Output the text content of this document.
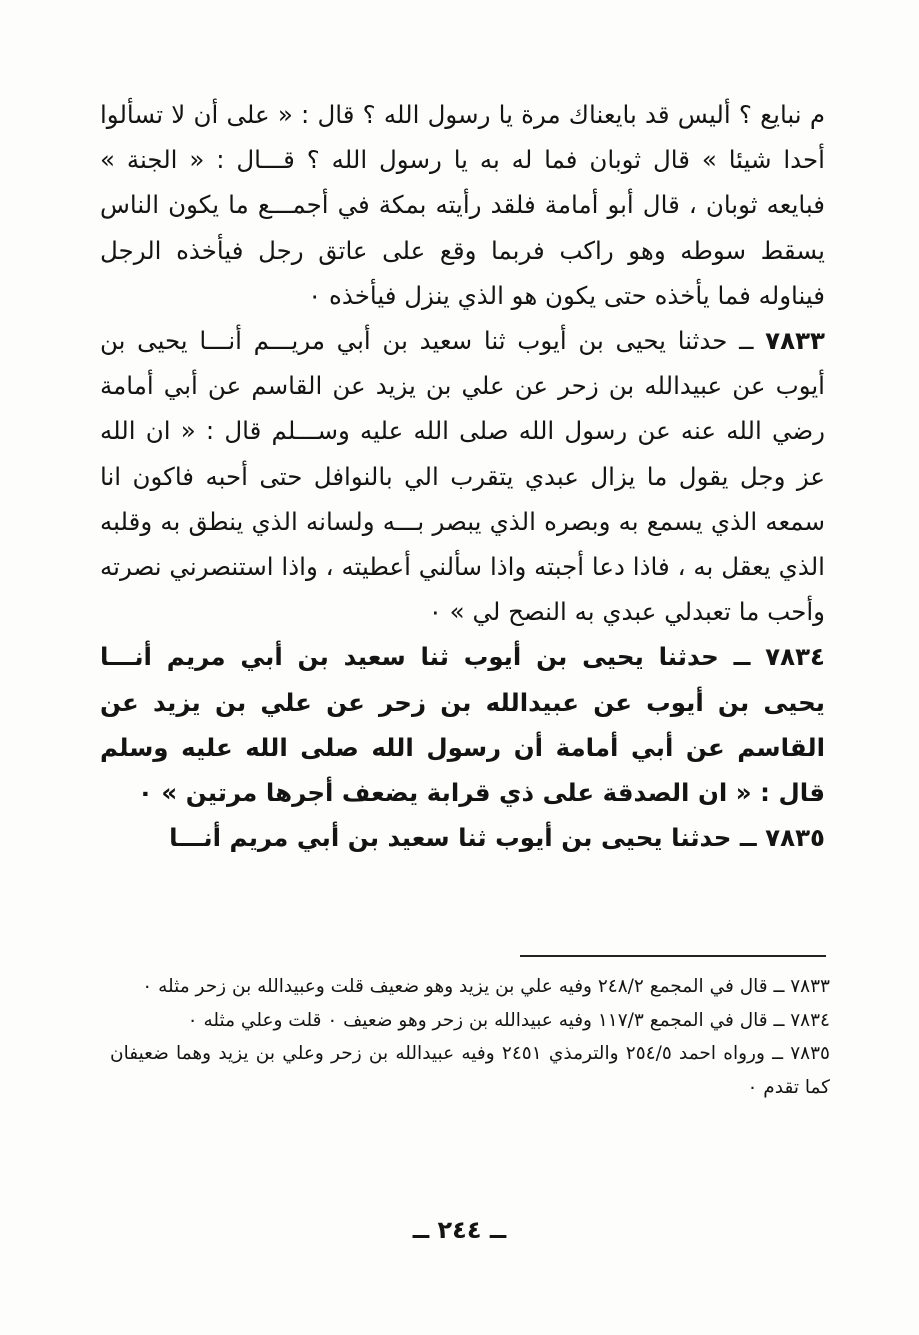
م نبايع ؟ أليس قد بايعناك مرة يا رسول الله ؟ قال : « على أن لا تسألوا أحدا شيئا » قال ثوبان فما له به يا رسول الله ؟ قـــال : « الجنة » فبايعه ثوبان ، قال أبو أمامة فلقد رأيته بمكة في أجمـــع ما يكون الناس يسقط سوطه وهو راكب فربما وقع على عاتق رجل فيأخذه الرجل فيناوله فما يأخذه حتى يكون هو الذي ينزل فيأخذه ٠

٧٨٣٣ ــ حدثنا يحيى بن أيوب ثنا سعيد بن أبي مريـــم أنـــا يحيى بن أيوب عن عبيدالله بن زحر عن علي بن يزيد عن القاسم عن أبي أمامة رضي الله عنه عن رسول الله صلى الله عليه وســـلم قال : « ان الله عز وجل يقول ما يزال عبدي يتقرب الي بالنوافل حتى أحبه فاكون انا سمعه الذي يسمع به وبصره الذي يبصر بـــه ولسانه الذي ينطق به وقلبه الذي يعقل به ، فاذا دعا أجبته واذا سألني أعطيته ، واذا استنصرني نصرته وأحب ما تعبدلي عبدي به النصح لي » ٠

٧٨٣٤ ــ حدثنا يحيى بن أيوب ثنا سعيد بن أبي مريم أنـــا يحيى بن أيوب عن عبيدالله بن زحر عن علي بن يزيد عن القاسم عن أبي أمامة أن رسول الله صلى الله عليه وسلم قال : « ان الصدقة على ذي قرابة يضعف أجرها مرتين » ٠

٧٨٣٥ ــ حدثنا يحيى بن أيوب ثنا سعيد بن أبي مريم أنـــا

٧٨٣٣ ــ قال في المجمع ٢٤٨/٢ وفيه علي بن يزيد وهو ضعيف قلت وعبيدالله بن زحر مثله ٠

٧٨٣٤ ــ قال في المجمع ١١٧/٣ وفيه عبيدالله بن زحر وهو ضعيف ٠ قلت وعلي مثله ٠

٧٨٣٥ ــ ورواه احمد ٢٥٤/٥ والترمذي ٢٤٥١ وفيه عبيدالله بن زحر وعلي بن يزيد وهما ضعيفان كما تقدم ٠

ــ ٢٤٤ ــ
